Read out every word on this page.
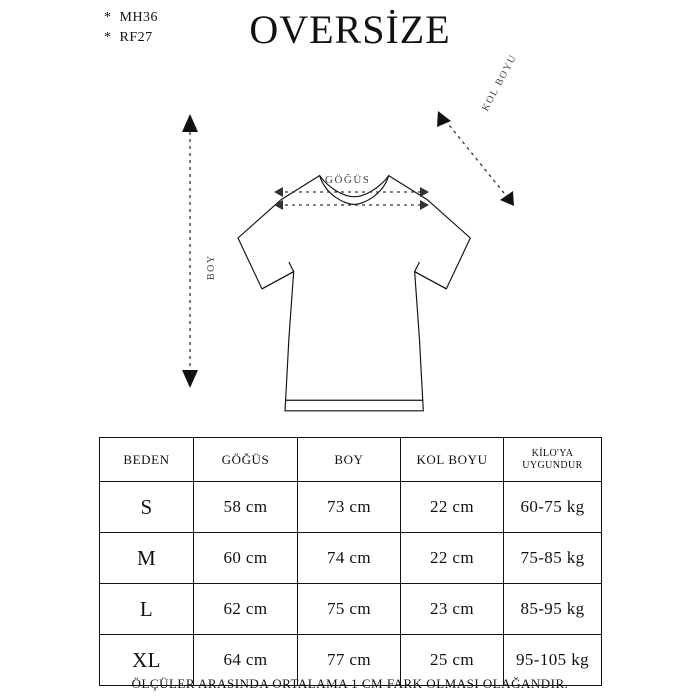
*  MH36
*  RF27	OVERSİZE
BOY
GÖĞÜS
KOL BOYU
BEDEN	GÖĞÜS	BOY	KOL BOYU	KİLO'YA
UYGUNDUR

S	58 cm	73 cm	22 cm	60-75 kg
M	60 cm	74 cm	22 cm	75-85 kg
L	62 cm	75 cm	23 cm	85-95 kg
XL	64 cm	77 cm	25 cm	95-105 kg
ÖLÇÜLER ARASINDA ORTALAMA 1 CM FARK OLMASI OLAĞANDIR.
